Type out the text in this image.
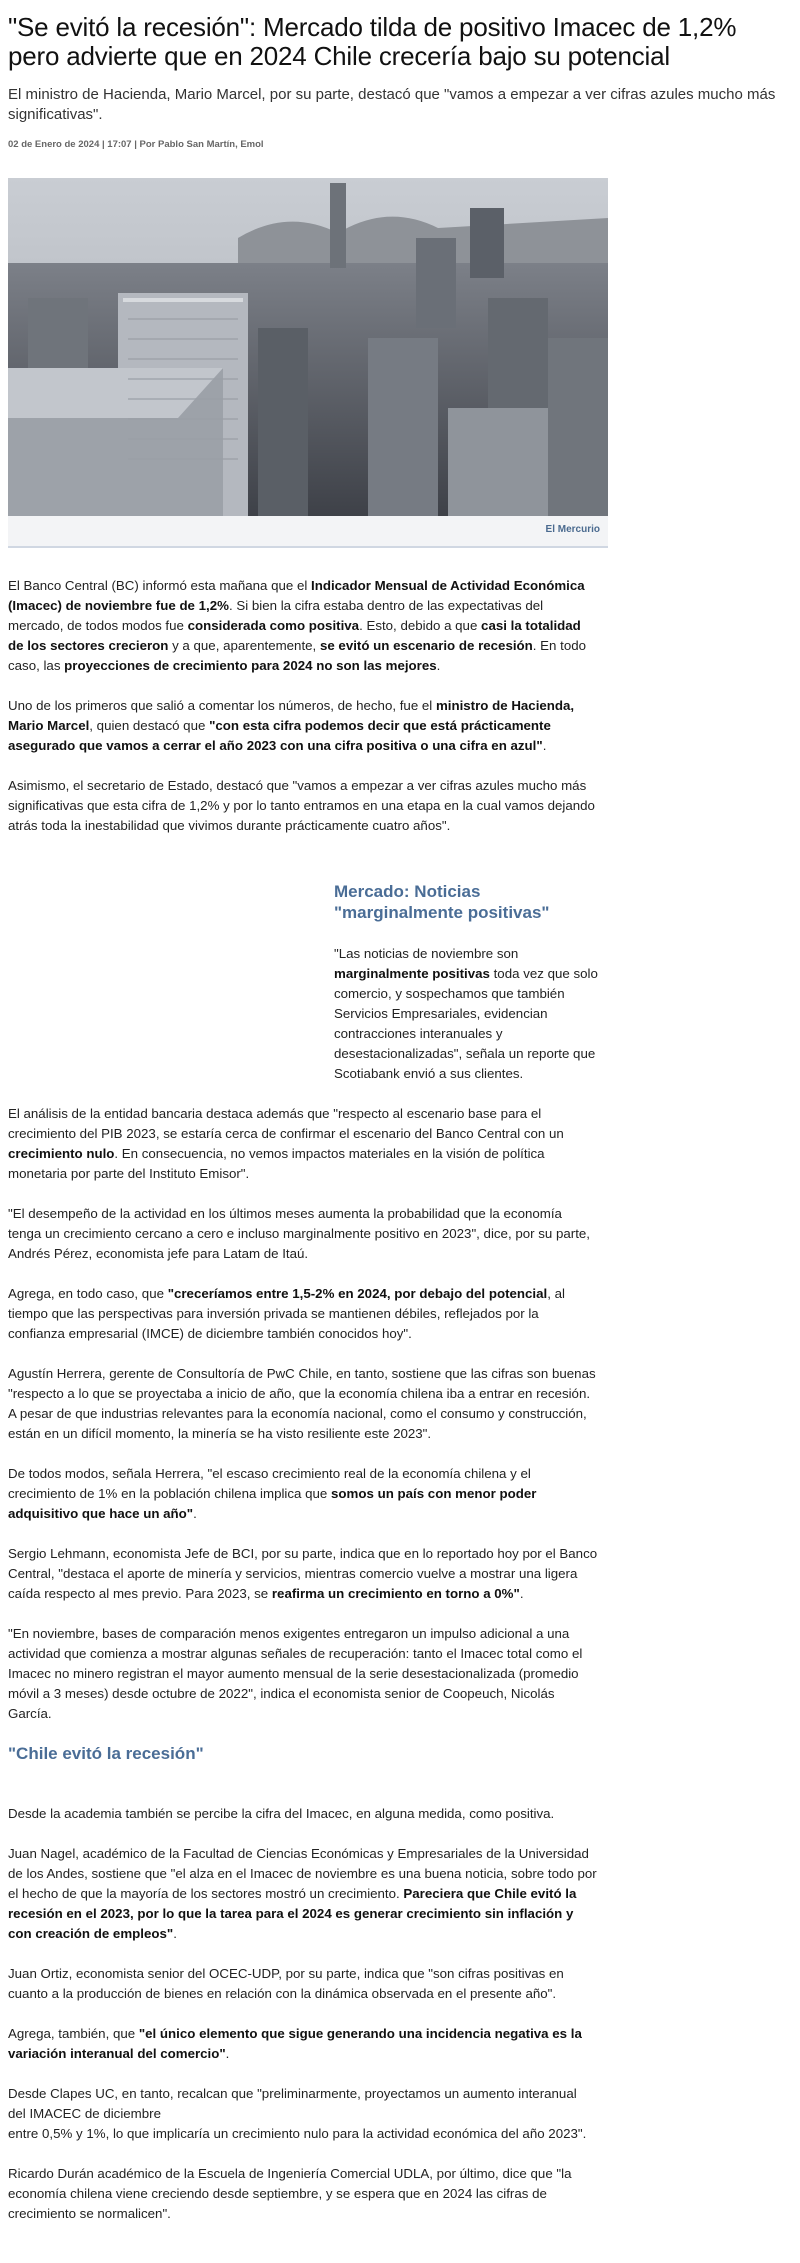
"Se evitó la recesión": Mercado tilda de positivo Imacec de 1,2% pero advierte que en 2024 Chile crecería bajo su potencial
El ministro de Hacienda, Mario Marcel, por su parte, destacó que "vamos a empezar a ver cifras azules mucho más significativas".
02 de Enero de 2024 | 17:07 | Por Pablo San Martín, Emol
El Mercurio

El Banco Central (BC) informó esta mañana que el Indicador Mensual de Actividad Económica (Imacec) de noviembre fue de 1,2%. Si bien la cifra estaba dentro de las expectativas del mercado, de todos modos fue considerada como positiva. Esto, debido a que casi la totalidad de los sectores crecieron y a que, aparentemente, se evitó un escenario de recesión. En todo caso, las proyecciones de crecimiento para 2024 no son las mejores.

Uno de los primeros que salió a comentar los números, de hecho, fue el ministro de Hacienda, Mario Marcel, quien destacó que "con esta cifra podemos decir que está prácticamente asegurado que vamos a cerrar el año 2023 con una cifra positiva o una cifra en azul".

Asimismo, el secretario de Estado, destacó que "vamos a empezar a ver cifras azules mucho más significativas que esta cifra de 1,2% y por lo tanto entramos en una etapa en la cual vamos dejando atrás toda la inestabilidad que vivimos durante prácticamente cuatro años".

Mercado: Noticias "marginalmente positivas"

"Las noticias de noviembre son marginalmente positivas toda vez que solo comercio, y sospechamos que también Servicios Empresariales, evidencian contracciones interanuales y desestacionalizadas", señala un reporte que Scotiabank envió a sus clientes.

El análisis de la entidad bancaria destaca además que "respecto al escenario base para el crecimiento del PIB 2023, se estaría cerca de confirmar el escenario del Banco Central con un crecimiento nulo. En consecuencia, no vemos impactos materiales en la visión de política monetaria por parte del Instituto Emisor".

"El desempeño de la actividad en los últimos meses aumenta la probabilidad que la economía tenga un crecimiento cercano a cero e incluso marginalmente positivo en 2023", dice, por su parte, Andrés Pérez, economista jefe para Latam de Itaú.

Agrega, en todo caso, que "creceríamos entre 1,5-2% en 2024, por debajo del potencial, al tiempo que las perspectivas para inversión privada se mantienen débiles, reflejados por la confianza empresarial (IMCE) de diciembre también conocidos hoy".

Agustín Herrera, gerente de Consultoría de PwC Chile, en tanto, sostiene que las cifras son buenas "respecto a lo que se proyectaba a inicio de año, que la economía chilena iba a entrar en recesión. A pesar de que industrias relevantes para la economía nacional, como el consumo y construcción, están en un difícil momento, la minería se ha visto resiliente este 2023".

De todos modos, señala Herrera, "el escaso crecimiento real de la economía chilena y el crecimiento de 1% en la población chilena implica que somos un país con menor poder adquisitivo que hace un año".

Sergio Lehmann, economista Jefe de BCI, por su parte, indica que en lo reportado hoy por el Banco Central, "destaca el aporte de minería y servicios, mientras comercio vuelve a mostrar una ligera caída respecto al mes previo. Para 2023, se reafirma un crecimiento en torno a 0%".

"En noviembre, bases de comparación menos exigentes entregaron un impulso adicional a una actividad que comienza a mostrar algunas señales de recuperación: tanto el Imacec total como el Imacec no minero registran el mayor aumento mensual de la serie desestacionalizada (promedio móvil a 3 meses) desde octubre de 2022", indica el economista senior de Coopeuch, Nicolás García.

"Chile evitó la recesión"

Desde la academia también se percibe la cifra del Imacec, en alguna medida, como positiva.

Juan Nagel, académico de la Facultad de Ciencias Económicas y Empresariales de la Universidad de los Andes, sostiene que "el alza en el Imacec de noviembre es una buena noticia, sobre todo por el hecho de que la mayoría de los sectores mostró un crecimiento. Pareciera que Chile evitó la recesión en el 2023, por lo que la tarea para el 2024 es generar crecimiento sin inflación y con creación de empleos".

Juan Ortiz, economista senior del OCEC-UDP, por su parte, indica que "son cifras positivas en cuanto a la producción de bienes en relación con la dinámica observada en el presente año".

Agrega, también, que "el único elemento que sigue generando una incidencia negativa es la variación interanual del comercio".

Desde Clapes UC, en tanto, recalcan que "preliminarmente, proyectamos un aumento interanual del IMACEC de diciembre
entre 0,5% y 1%, lo que implicaría un crecimiento nulo para la actividad económica del año 2023".

Ricardo Durán académico de la Escuela de Ingeniería Comercial UDLA, por último, dice que "la economía chilena viene creciendo desde septiembre, y se espera que en 2024 las cifras de crecimiento se normalicen".
